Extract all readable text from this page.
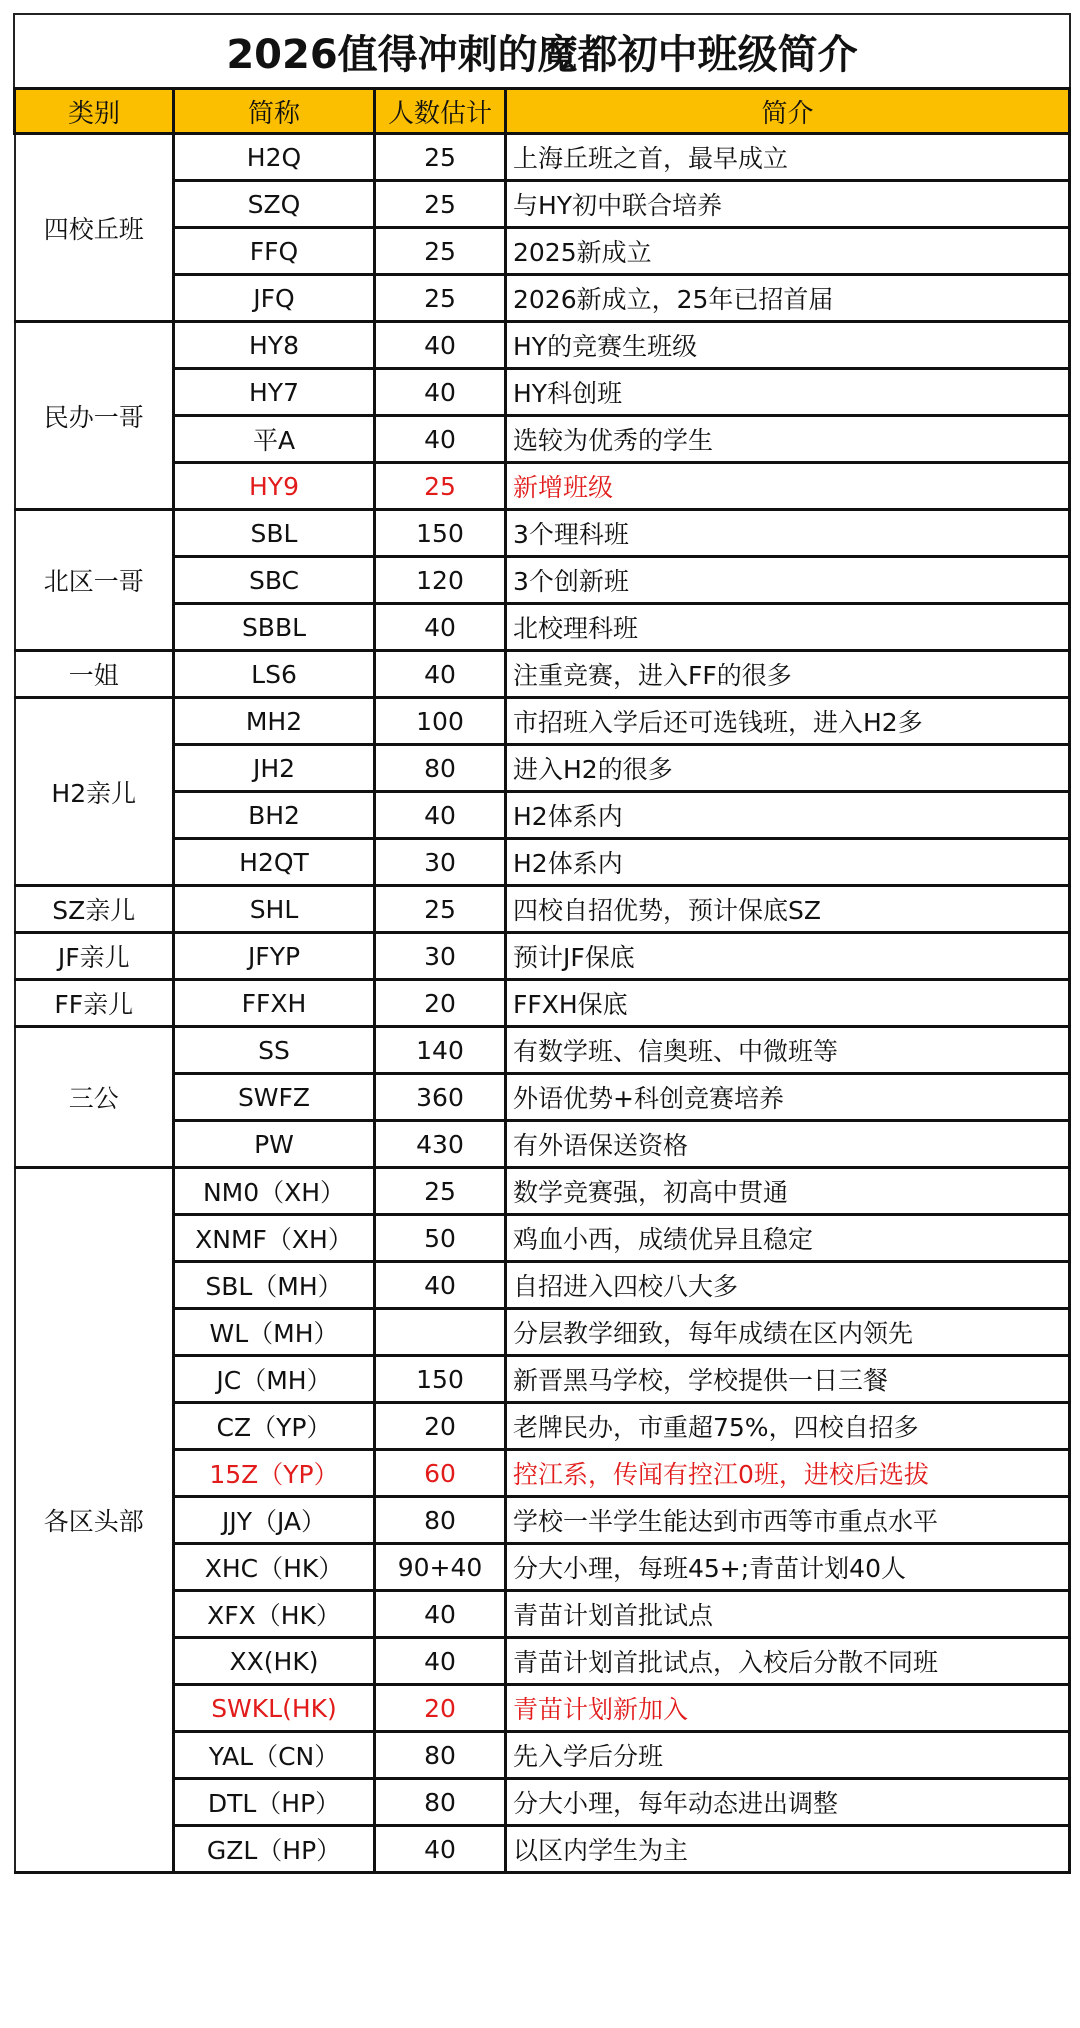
2026值得冲刺的魔都初中班级简介
类别	简称	人数估计	简介
四校丘班	H2Q	25	上海丘班之首，最早成立
	SZQ	25	与HY初中联合培养
	FFQ	25	2025新成立
	JFQ	25	2026新成立，25年已招首届
民办一哥	HY8	40	HY的竞赛生班级
	HY7	40	HY科创班
	平A	40	选较为优秀的学生
	HY9	25	新增班级
北区一哥	SBL	150	3个理科班
	SBC	120	3个创新班
	SBBL	40	北校理科班
一姐	LS6	40	注重竞赛，进入FF的很多
H2亲儿	MH2	100	市招班入学后还可选钱班，进入H2多
	JH2	80	进入H2的很多
	BH2	40	H2体系内
	H2QT	30	H2体系内
SZ亲儿	SHL	25	四校自招优势，预计保底SZ
JF亲儿	JFYP	30	预计JF保底
FF亲儿	FFXH	20	FFXH保底
三公	SS	140	有数学班、信奥班、中微班等
	SWFZ	360	外语优势+科创竞赛培养
	PW	430	有外语保送资格
各区头部	NM0（XH）	25	数学竞赛强，初高中贯通
	XNMF（XH）	50	鸡血小西，成绩优异且稳定
	SBL（MH）	40	自招进入四校八大多
	WL（MH）		分层教学细致，每年成绩在区内领先
	JC（MH）	150	新晋黑马学校，学校提供一日三餐
	CZ（YP）	20	老牌民办，市重超75%，四校自招多
	15Z（YP）	60	控江系，传闻有控江0班，进校后选拔
	JJY（JA）	80	学校一半学生能达到市西等市重点水平
	XHC（HK）	90+40	分大小理，每班45+;青苗计划40人
	XFX（HK）	40	青苗计划首批试点
	XX(HK)	40	青苗计划首批试点，入校后分散不同班
	SWKL(HK)	20	青苗计划新加入
	YAL（CN）	80	先入学后分班
	DTL（HP）	80	分大小理，每年动态进出调整
	GZL（HP）	40	以区内学生为主
